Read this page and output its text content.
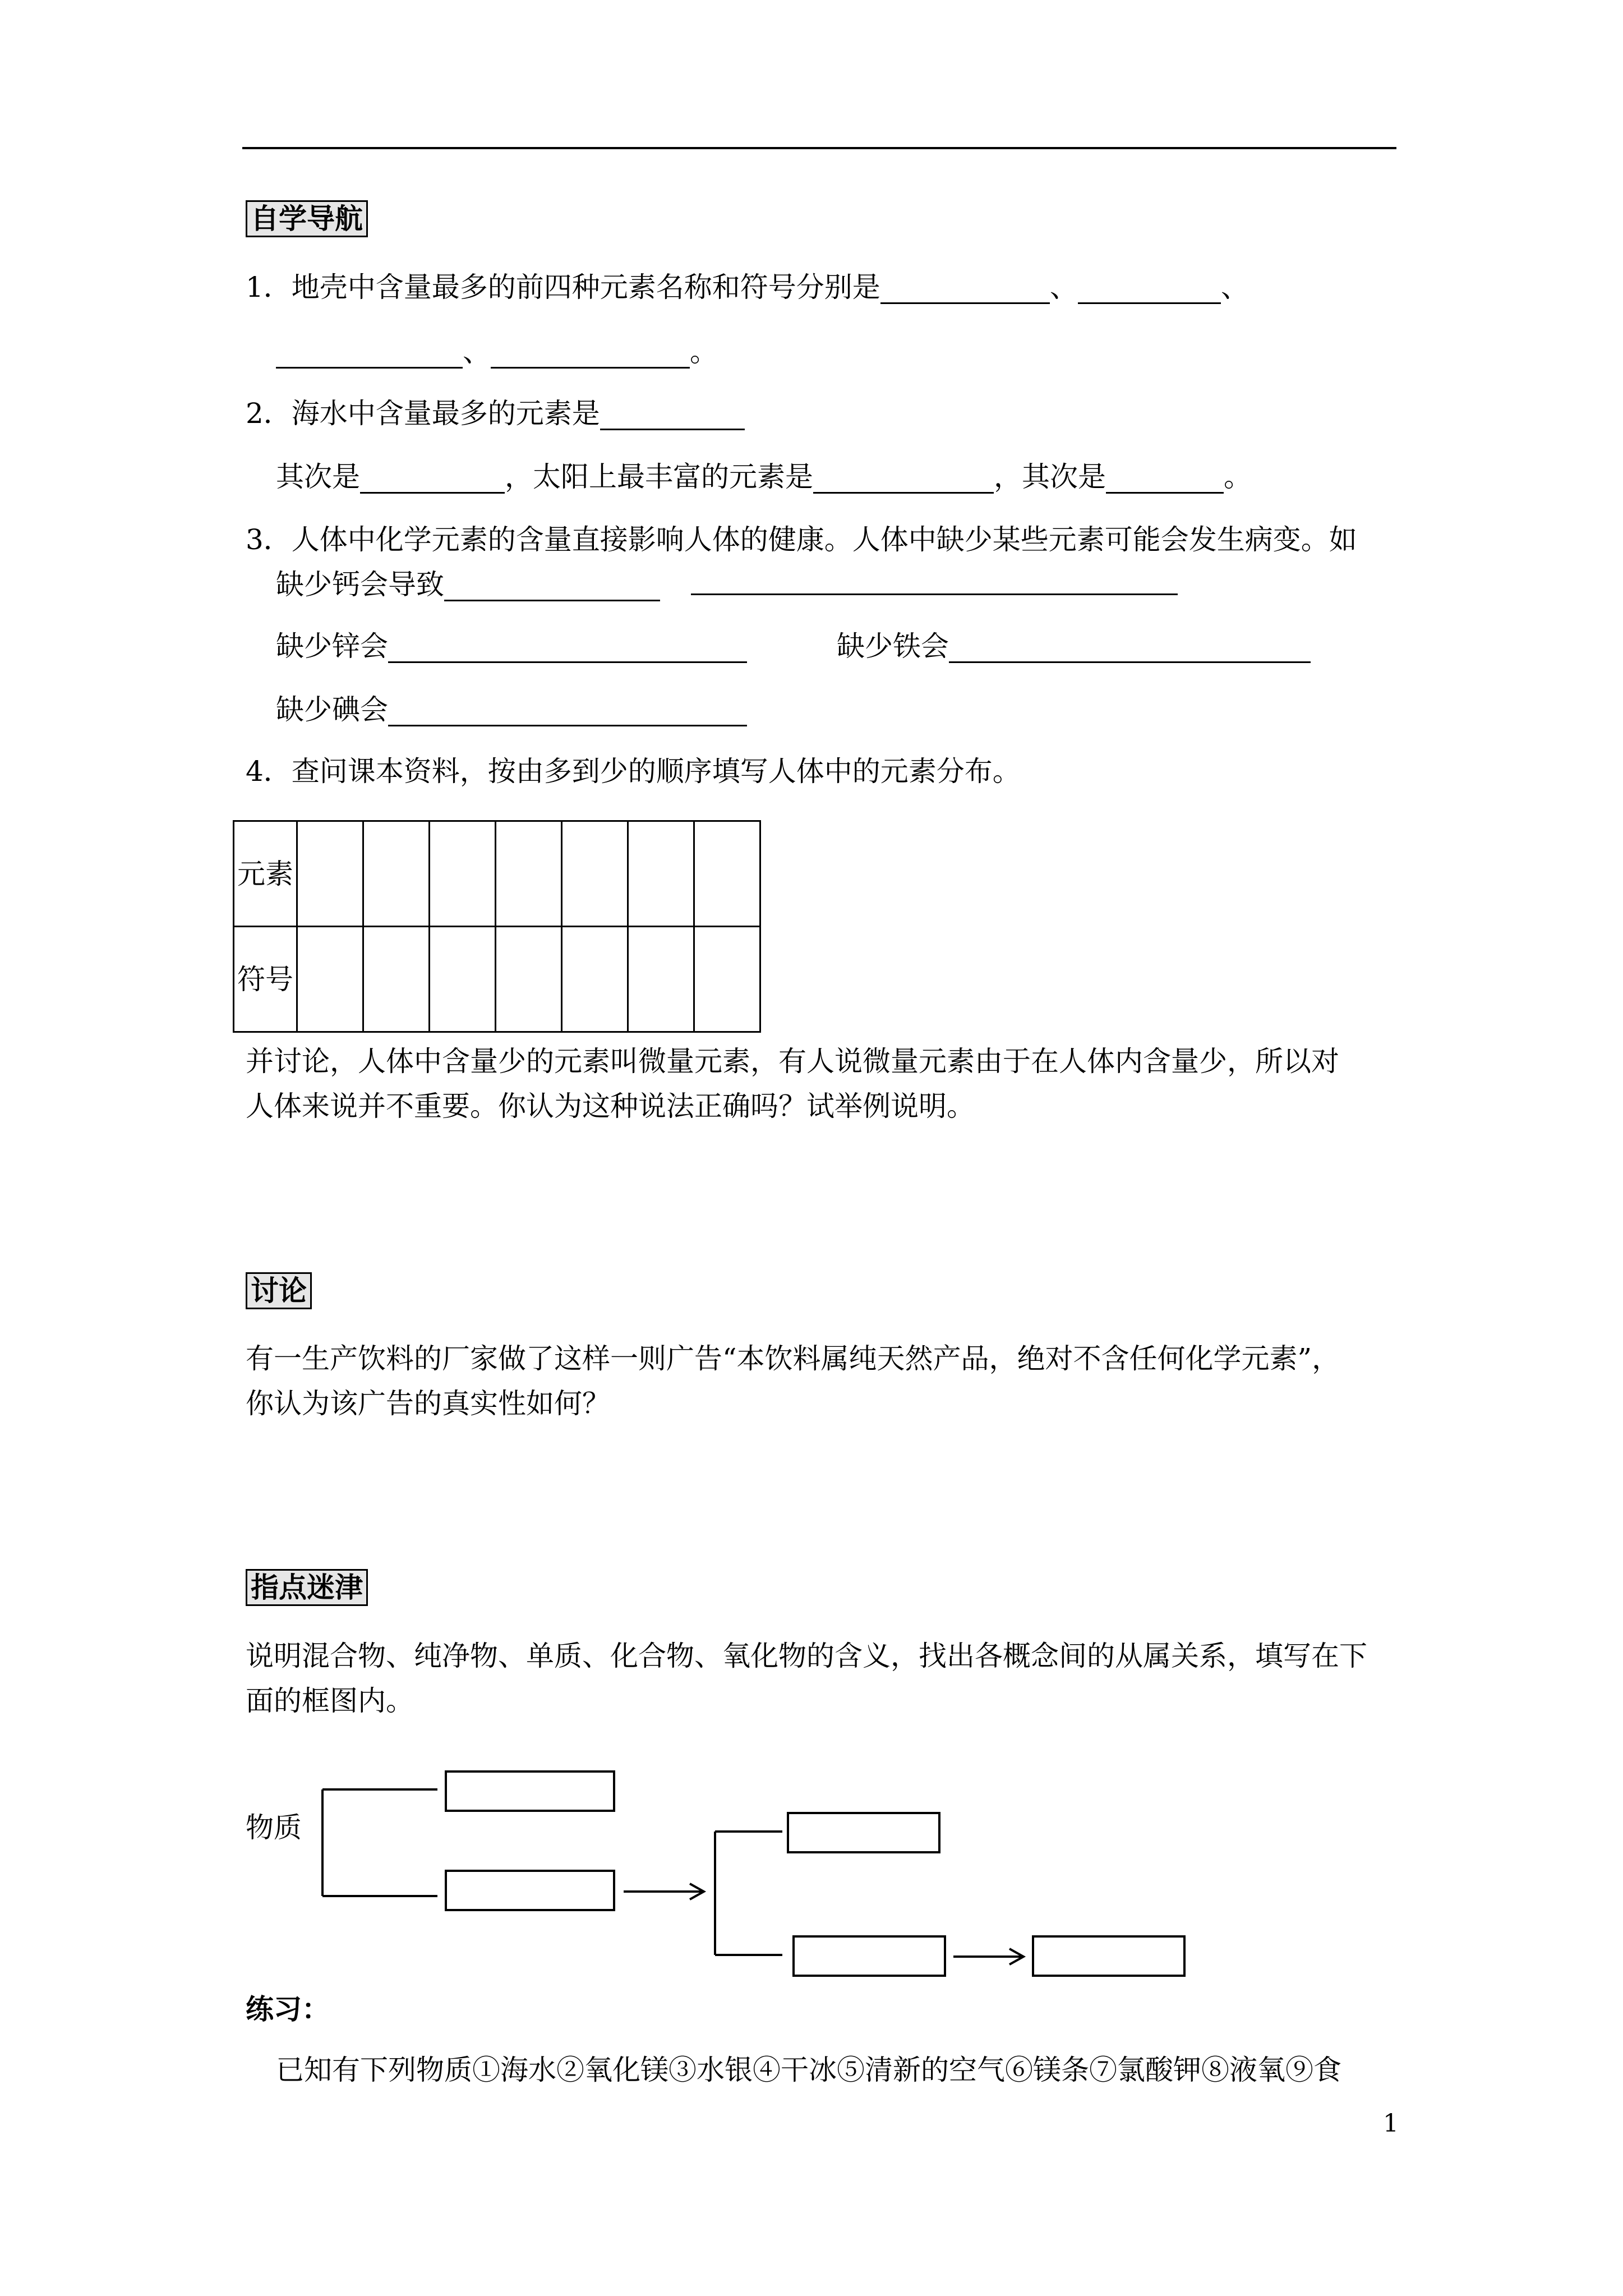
自学导航
1．地壳中含量最多的前四种元素名称和符号分别是	、	、
、	。
2．海水中含量最多的元素是
其次是	，太阳上最丰富的元素是	，其次是	。
3．人体中化学元素的含量直接影响人体的健康。人体中缺少某些元素可能会发生病变。如
缺少钙会导致
缺少锌会	缺少铁会
缺少碘会
4．查问课本资料，按由多到少的顺序填写人体中的元素分布。
元素							
符号							
并讨论，人体中含量少的元素叫微量元素，有人说微量元素由于在人体内含量少，所以对
人体来说并不重要。你认为这种说法正确吗？试举例说明。
讨论
有一生产饮料的厂家做了这样一则广告“本饮料属纯天然产品，绝对不含任何化学元素”，
你认为该广告的真实性如何？
指点迷津
说明混合物、纯净物、单质、化合物、氧化物的含义，找出各概念间的从属关系，填写在下
面的框图内。
物质
练习：
已知有下列物质①海水②氧化镁③水银④干冰⑤清新的空气⑥镁条⑦氯酸钾⑧液氧⑨食
1
